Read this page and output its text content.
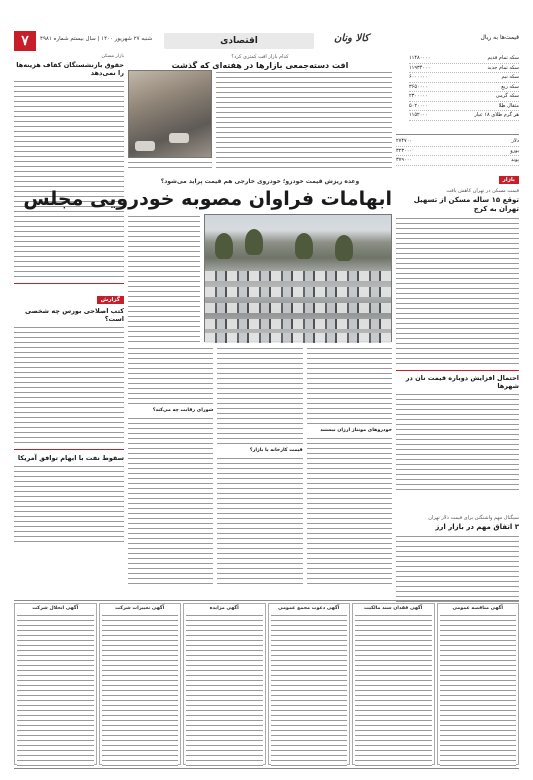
۷	شنبه ۲۷ شهریور ۱۴۰۰ | سال بیستم شماره ۴۹۸۱	اقتصادی	کالا ونان	قیمت‌ها به ریال
سکه تمام قدیم
۱۱۴۸۰۰۰۰
سکه تمام جدید
۱۱۹۳۴۰۰۰
سکه نیم
۶۰۰۰۰۰۰
سکه ربع
۳۶۵۰۰۰۰
سکه گرمی
۲۳۰۰۰۰۰
مثقال طلا
۵۰۲۰۰۰۰
هر گرم طلای ۱۸ عیار
۱۱۵۲۰۰۰
دلار
۲۷۴۷۰۰
یورو
۳۲۳۰۰۰
پوند
۳۷۹۰۰۰
بازار
قیمت مسکن در تهران کاهش یافت
توقع ۱۵ ساله مسکن از تسهیل تهران به کرج
احتمال افزایش دوباره قیمت نان در شهرها
سیگنال مهم واشنگتن برای قیمت دلار تهران
۳ اتفاق مهم در بازار ارز
بازار مسکن
حقوق بازنشستگان کفاف هزینه‌ها را نمی‌دهد
گزارش
کتب اصلاحی بورس چه شخصی است؟
سقوط نفت با ابهام توافق آمریکا
کدام بازار افت کمتری کرد؟
افت دسته‌جمعی بازارها در هفته‌ای که گذشت
وعده ریزش قیمت خودرو؛ خودروی خارجی هم قیمت پراید می‌شود؟
ابهامات فراوان مصوبه خودرویی مجلس
خودروهای مونتاژ ارزان نیستند
قیمت کارخانه یا بازار؟
شورای رقابت چه می‌کند؟
آگهی مناقصه عمومی
آگهی فقدان سند مالکیت
آگهی دعوت مجمع عمومی
آگهی مزایده
آگهی تغییرات شرکت
آگهی انحلال شرکت
